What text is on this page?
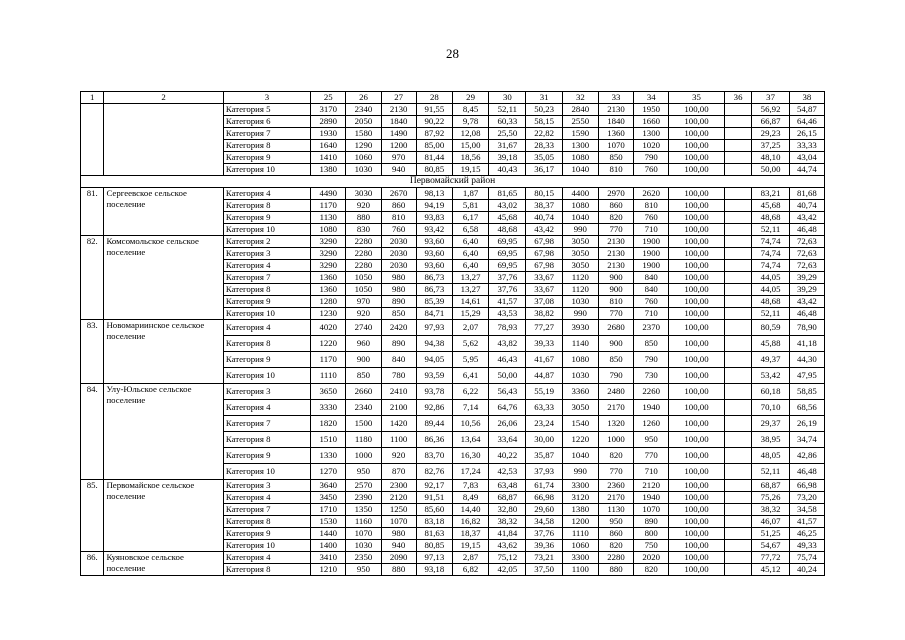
28
1	2	3	25	26	27	28	29	30	31	32	33	34	35	36	37	38
		Категория 5	3170	2340	2130	91,55	8,45	52,11	50,23	2840	2130	1950	100,00		56,92	54,87
		Категория 6	2890	2050	1840	90,22	9,78	60,33	58,15	2550	1840	1660	100,00		66,87	64,46
		Категория 7	1930	1580	1490	87,92	12,08	25,50	22,82	1590	1360	1300	100,00		29,23	26,15
		Категория 8	1640	1290	1200	85,00	15,00	31,67	28,33	1300	1070	1020	100,00		37,25	33,33
		Категория 9	1410	1060	970	81,44	18,56	39,18	35,05	1080	850	790	100,00		48,10	43,04
		Категория 10	1380	1030	940	80,85	19,15	40,43	36,17	1040	810	760	100,00		50,00	44,74
Первомайский район																
81.	Сергеевское сельское поселение	Категория 4	4490	3030	2670	98,13	1,87	81,65	80,15	4400	2970	2620	100,00		83,21	81,68
		Категория 8	1170	920	860	94,19	5,81	43,02	38,37	1080	860	810	100,00		45,68	40,74
		Категория 9	1130	880	810	93,83	6,17	45,68	40,74	1040	820	760	100,00		48,68	43,42
		Категория 10	1080	830	760	93,42	6,58	48,68	43,42	990	770	710	100,00		52,11	46,48
82.	Комсомольское сельское поселение	Категория 2	3290	2280	2030	93,60	6,40	69,95	67,98	3050	2130	1900	100,00		74,74	72,63
		Категория 3	3290	2280	2030	93,60	6,40	69,95	67,98	3050	2130	1900	100,00		74,74	72,63
		Категория 4	3290	2280	2030	93,60	6,40	69,95	67,98	3050	2130	1900	100,00		74,74	72,63
		Категория 7	1360	1050	980	86,73	13,27	37,76	33,67	1120	900	840	100,00		44,05	39,29
		Категория 8	1360	1050	980	86,73	13,27	37,76	33,67	1120	900	840	100,00		44,05	39,29
		Категория 9	1280	970	890	85,39	14,61	41,57	37,08	1030	810	760	100,00		48,68	43,42
		Категория 10	1230	920	850	84,71	15,29	43,53	38,82	990	770	710	100,00		52,11	46,48
83.	Новомариинское сельское поселение	Категория 4	4020	2740	2420	97,93	2,07	78,93	77,27	3930	2680	2370	100,00		80,59	78,90
		Категория 8	1220	960	890	94,38	5,62	43,82	39,33	1140	900	850	100,00		45,88	41,18
		Категория 9	1170	900	840	94,05	5,95	46,43	41,67	1080	850	790	100,00		49,37	44,30
		Категория 10	1110	850	780	93,59	6,41	50,00	44,87	1030	790	730	100,00		53,42	47,95
84.	Улу-Юльское сельское поселение	Категория 3	3650	2660	2410	93,78	6,22	56,43	55,19	3360	2480	2260	100,00		60,18	58,85
		Категория 4	3330	2340	2100	92,86	7,14	64,76	63,33	3050	2170	1940	100,00		70,10	68,56
		Категория 7	1820	1500	1420	89,44	10,56	26,06	23,24	1540	1320	1260	100,00		29,37	26,19
		Категория 8	1510	1180	1100	86,36	13,64	33,64	30,00	1220	1000	950	100,00		38,95	34,74
		Категория 9	1330	1000	920	83,70	16,30	40,22	35,87	1040	820	770	100,00		48,05	42,86
		Категория 10	1270	950	870	82,76	17,24	42,53	37,93	990	770	710	100,00		52,11	46,48
85.	Первомайское сельское поселение	Категория 3	3640	2570	2300	92,17	7,83	63,48	61,74	3300	2360	2120	100,00		68,87	66,98
		Категория 4	3450	2390	2120	91,51	8,49	68,87	66,98	3120	2170	1940	100,00		75,26	73,20
		Категория 7	1710	1350	1250	85,60	14,40	32,80	29,60	1380	1130	1070	100,00		38,32	34,58
		Категория 8	1530	1160	1070	83,18	16,82	38,32	34,58	1200	950	890	100,00		46,07	41,57
		Категория 9	1440	1070	980	81,63	18,37	41,84	37,76	1110	860	800	100,00		51,25	46,25
		Категория 10	1400	1030	940	80,85	19,15	43,62	39,36	1060	820	750	100,00		54,67	49,33
86.	Куяновское сельское поселение	Категория 4	3410	2350	2090	97,13	2,87	75,12	73,21	3300	2280	2020	100,00		77,72	75,74
		Категория 8	1210	950	880	93,18	6,82	42,05	37,50	1100	880	820	100,00		45,12	40,24
